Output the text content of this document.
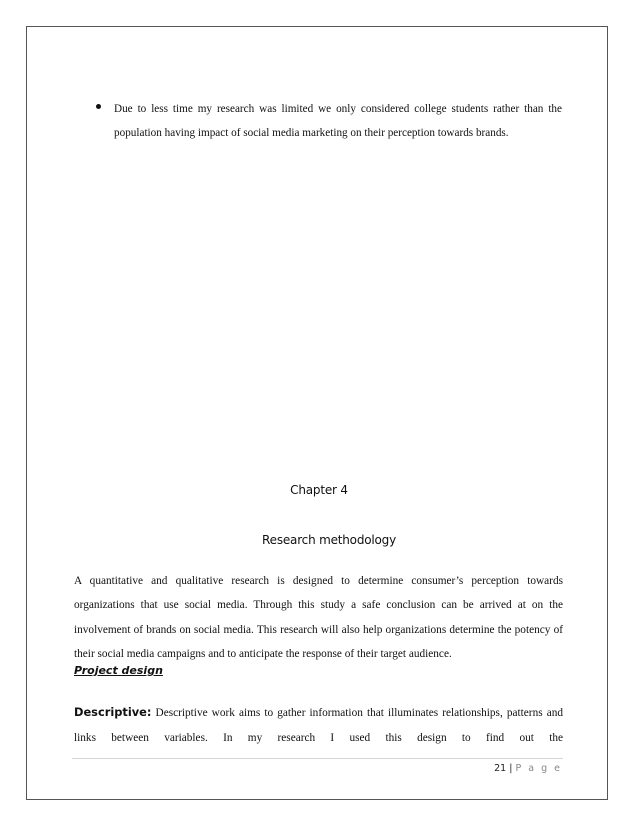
Due to less time my research was limited we only considered college students rather than the population having impact of social media marketing on their perception towards brands.
Chapter 4
Research methodology
A quantitative and qualitative research is designed to determine consumer’s perception towards organizations that use social media. Through this study a safe conclusion can be arrived at on the involvement of brands on social media. This research will also help organizations determine the potency of their social media campaigns and to anticipate the response of their target audience.
Project design
Descriptive: Descriptive work aims to gather information that illuminates relationships, patterns and links between variables. In my research I used this design to find out the
21 | P a g e
